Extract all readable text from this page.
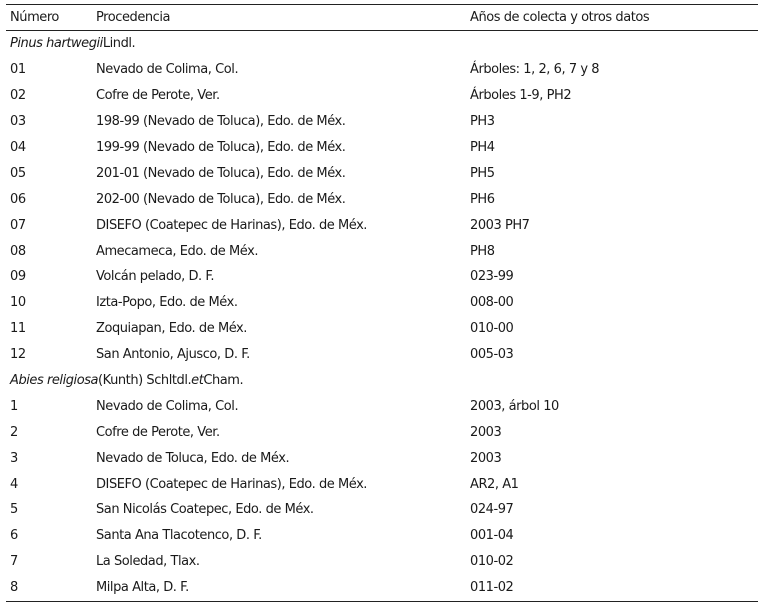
Número	Procedencia	Años de colecta y otros datos
Pinus hartwegii Lindl.
01	Nevado de Colima, Col.	Árboles: 1, 2, 6, 7 y 8
02	Cofre de Perote, Ver.	Árboles 1-9, PH2
03	198-99 (Nevado de Toluca), Edo. de Méx.	PH3
04	199-99 (Nevado de Toluca), Edo. de Méx.	PH4
05	201-01 (Nevado de Toluca), Edo. de Méx.	PH5
06	202-00 (Nevado de Toluca), Edo. de Méx.	PH6
07	DISEFO (Coatepec de Harinas), Edo. de Méx.	2003 PH7
08	Amecameca, Edo. de Méx.	PH8
09	Volcán pelado, D. F.	023-99
10	Izta-Popo, Edo. de Méx.	008-00
11	Zoquiapan, Edo. de Méx.	010-00
12	San Antonio, Ajusco, D. F.	005-03
Abies religiosa (Kunth) Schltdl. et Cham.
1	Nevado de Colima, Col.	2003, árbol 10
2	Cofre de Perote, Ver.	2003
3	Nevado de Toluca, Edo. de Méx.	2003
4	DISEFO (Coatepec de Harinas), Edo. de Méx.	AR2, A1
5	San Nicolás Coatepec, Edo. de Méx.	024-97
6	Santa Ana Tlacotenco, D. F.	001-04
7	La Soledad, Tlax.	010-02
8	Milpa Alta, D. F.	011-02
